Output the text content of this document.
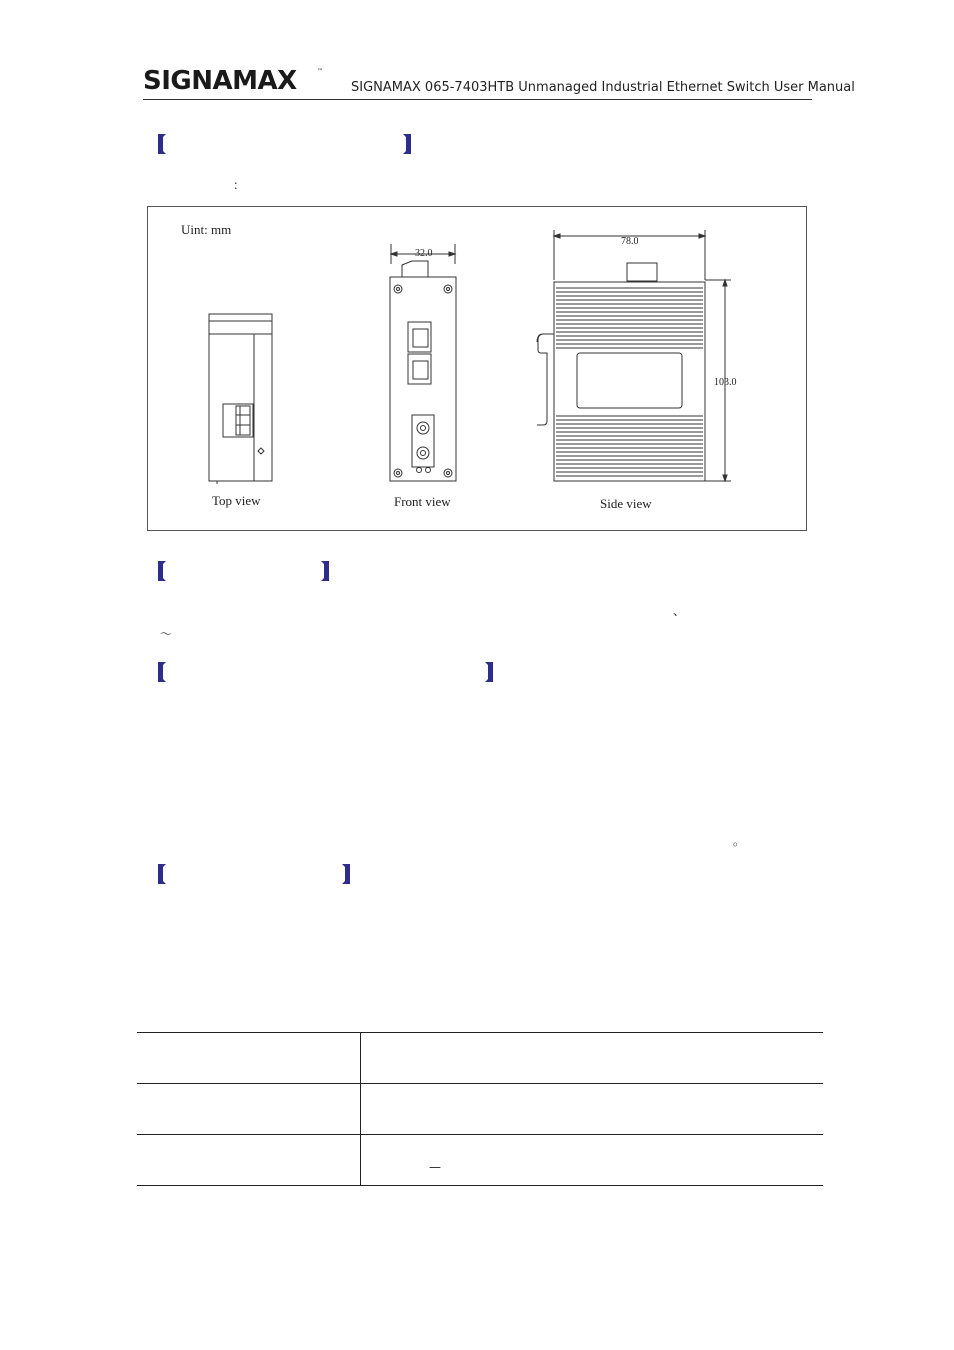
SIGNAMAX	™
SIGNAMAX 065-7403HTB Unmanaged Industrial Ethernet Switch User Manual
：
Uint: mm
Top view
32.0
Front view
78.0
103.0
Side view
、
～
。
—
